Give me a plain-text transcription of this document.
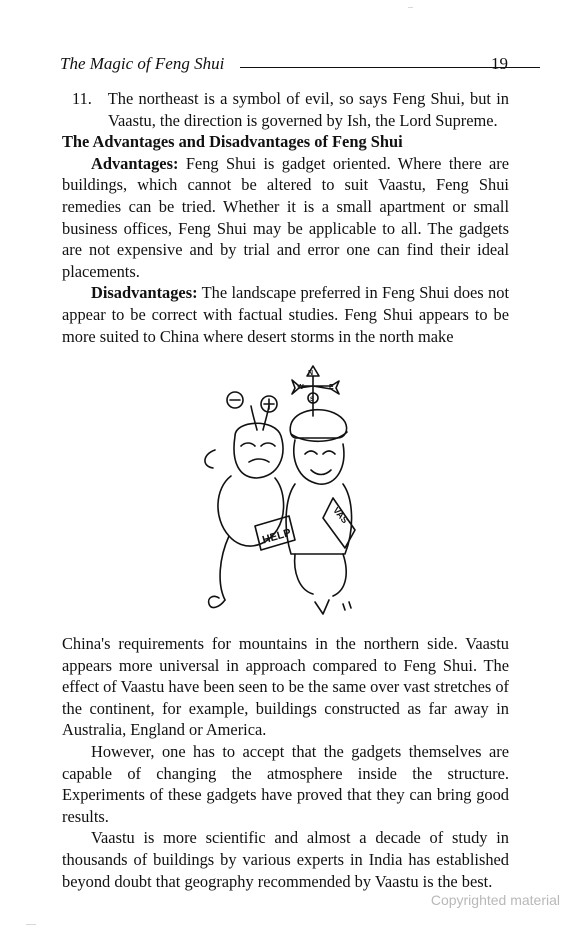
The Magic of Feng Shui	19

11. The northeast is a symbol of evil, so says Feng Shui, but in Vaastu, the direction is governed by Ish, the Lord Supreme.

The Advantages and Disadvantages of Feng Shui

Advantages: Feng Shui is gadget oriented. Where there are buildings, which cannot be altered to suit Vaastu, Feng Shui remedies can be tried. Whether it is a small apartment or small business offices, Feng Shui may be applicable to all. The gadgets are not expensive and by trial and error one can find their ideal placements.

Disadvantages: The landscape preferred in Feng Shui does not appear to be correct with factual studies. Feng Shui appears to be more suited to China where desert storms in the north make

N
W	E
S
HELP
VAS

China's requirements for mountains in the northern side. Vaastu appears more universal in approach compared to Feng Shui. The effect of Vaastu have been seen to be the same over vast stretches of the continent, for example, buildings constructed as far away in Australia, England or America.

However, one has to accept that the gadgets themselves are capable of changing the atmosphere inside the structure. Experiments of these gadgets have proved that they can bring good results.

Vaastu is more scientific and almost a decade of study in thousands of buildings by various experts in India has established beyond doubt that geography recommended by Vaastu is the best.

Copyrighted material
